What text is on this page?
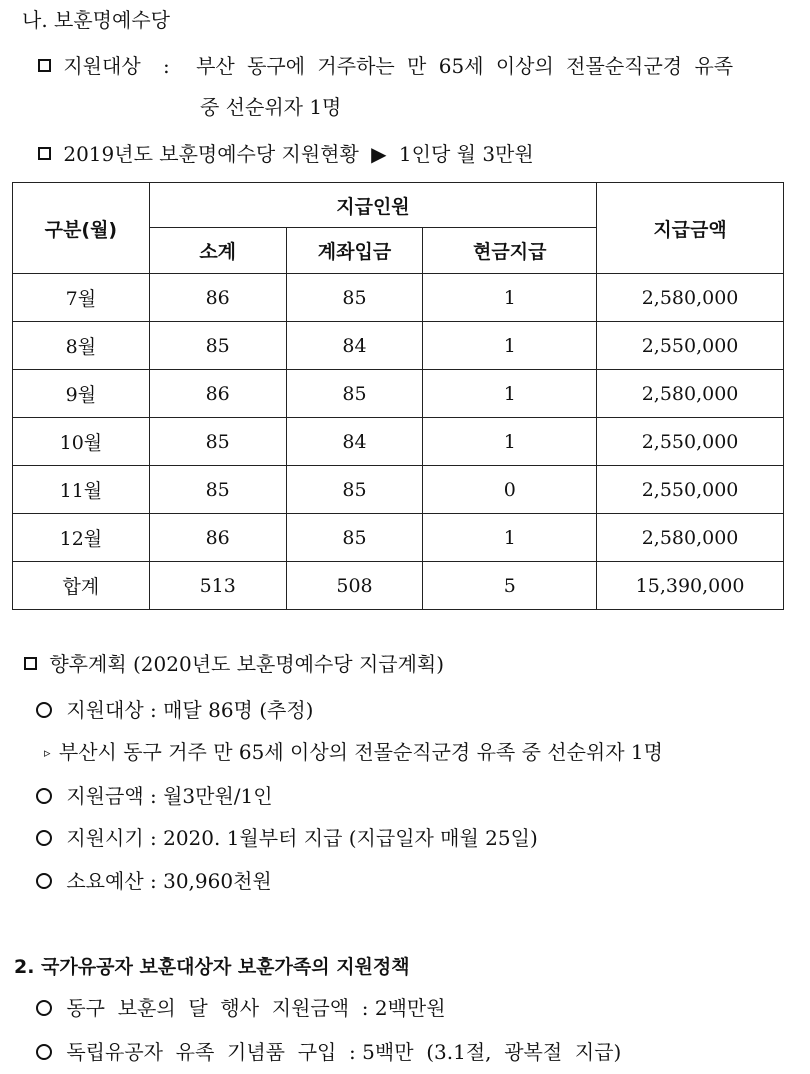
나. 보훈명예수당
지원대상 : 부산 동구에 거주하는 만 65세 이상의 전몰순직군경 유족
중 선순위자 1명
2019년도 보훈명예수당 지원현황 ▶ 1인당 월 3만원
구분(월)	지급인원			지급금액
	소계	계좌입금	현금지급	
7월	86	85	1	2,580,000
8월	85	84	1	2,550,000
9월	86	85	1	2,580,000
10월	85	84	1	2,550,000
11월	85	85	0	2,550,000
12월	86	85	1	2,580,000
합계	513	508	5	15,390,000
향후계획 (2020년도 보훈명예수당 지급계획)
지원대상 : 매달 86명 (추정)
▹ 부산시 동구 거주 만 65세 이상의 전몰순직군경 유족 중 선순위자 1명
지원금액 : 월3만원/1인
지원시기 : 2020. 1월부터 지급 (지급일자 매월 25일)
소요예산 : 30,960천원
2. 국가유공자 보훈대상자 보훈가족의 지원정책
동구  보훈의  달  행사  지원금액  : 2백만원
독립유공자  유족  기념품  구입  : 5백만  (3.1절,  광복절  지급)
